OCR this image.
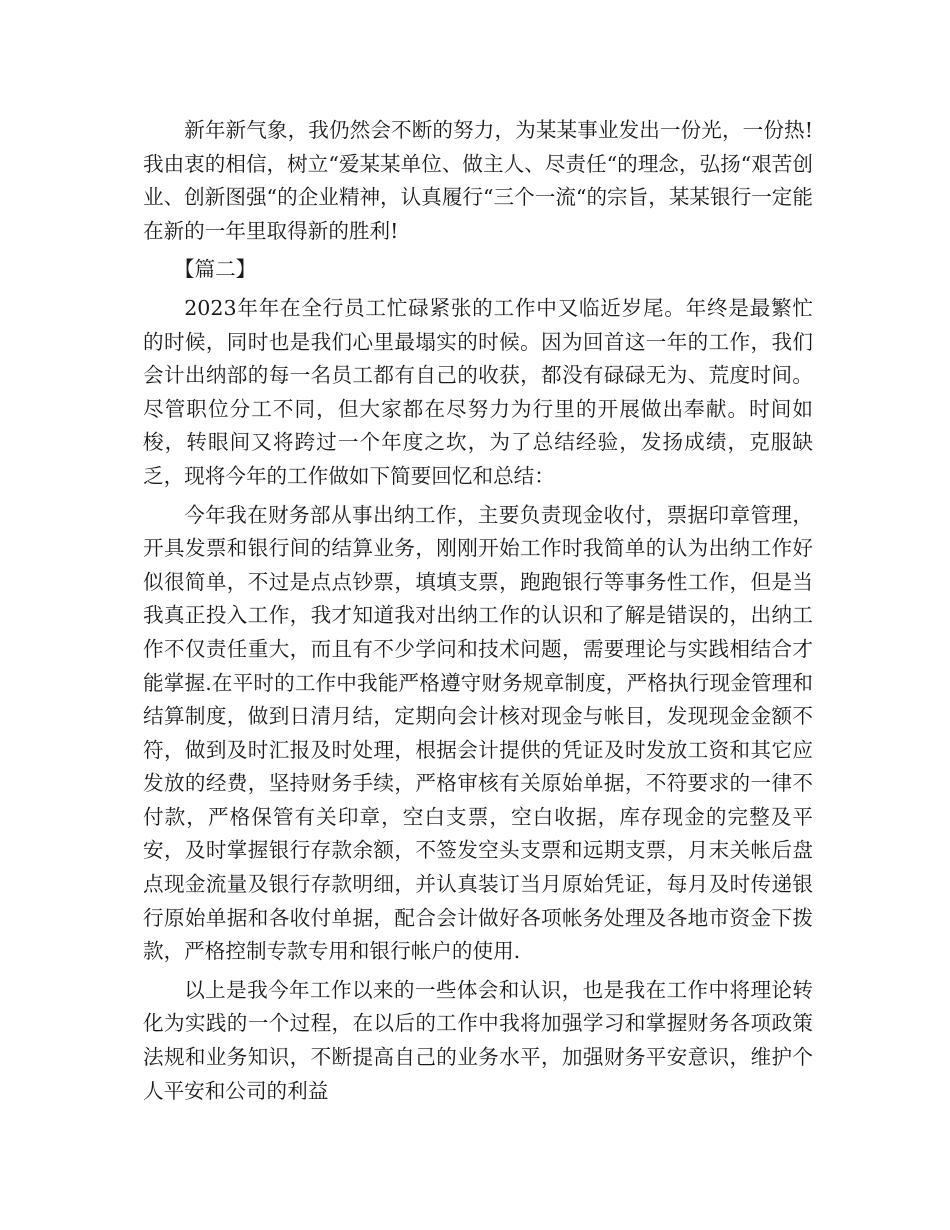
新年新气象，我仍然会不断的努力，为某某事业发出一份光，一份热!我由衷的相信，树立“爱某某单位、做主人、尽责任“的理念，弘扬“艰苦创业、创新图强“的企业精神，认真履行“三个一流“的宗旨，某某银行一定能在新的一年里取得新的胜利!

【篇二】

2023年年在全行员工忙碌紧张的工作中又临近岁尾。年终是最繁忙的时候，同时也是我们心里最塌实的时候。因为回首这一年的工作，我们会计出纳部的每一名员工都有自己的收获，都没有碌碌无为、荒度时间。尽管职位分工不同，但大家都在尽努力为行里的开展做出奉献。时间如梭，转眼间又将跨过一个年度之坎，为了总结经验，发扬成绩，克服缺乏，现将今年的工作做如下简要回忆和总结：

今年我在财务部从事出纳工作，主要负责现金收付，票据印章管理，开具发票和银行间的结算业务，刚刚开始工作时我简单的认为出纳工作好似很简单，不过是点点钞票，填填支票，跑跑银行等事务性工作，但是当我真正投入工作，我才知道我对出纳工作的认识和了解是错误的，出纳工作不仅责任重大，而且有不少学问和技术问题，需要理论与实践相结合才能掌握.在平时的工作中我能严格遵守财务规章制度，严格执行现金管理和结算制度，做到日清月结，定期向会计核对现金与帐目，发现现金金额不符，做到及时汇报及时处理，根据会计提供的凭证及时发放工资和其它应发放的经费，坚持财务手续，严格审核有关原始单据，不符要求的一律不付款，严格保管有关印章，空白支票，空白收据，库存现金的完整及平安，及时掌握银行存款余额，不签发空头支票和远期支票，月末关帐后盘点现金流量及银行存款明细，并认真装订当月原始凭证，每月及时传递银行原始单据和各收付单据，配合会计做好各项帐务处理及各地市资金下拨款，严格控制专款专用和银行帐户的使用.

以上是我今年工作以来的一些体会和认识，也是我在工作中将理论转化为实践的一个过程，在以后的工作中我将加强学习和掌握财务各项政策法规和业务知识，不断提高自己的业务水平，加强财务平安意识，维护个人平安和公司的利益
